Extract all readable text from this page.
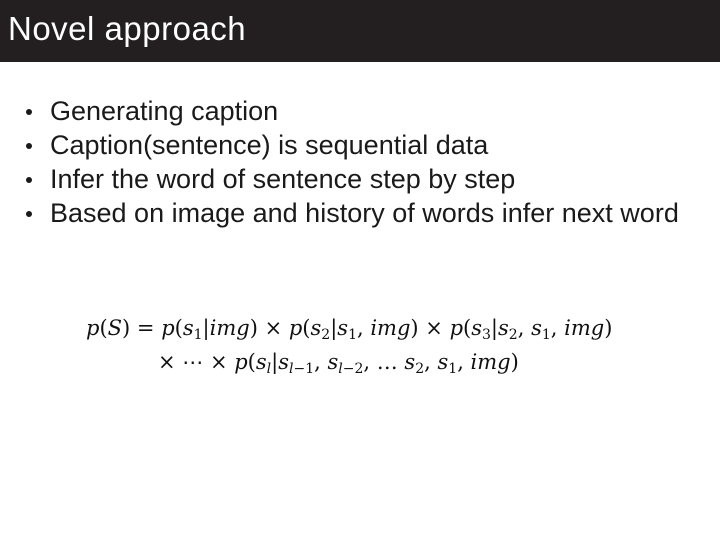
Novel approach
Generating caption
Caption(sentence) is sequential data
Infer the word of sentence step by step
Based on image and history of words infer next word
$p(S) = p(s_1|img) \times p(s_2|s_1$, $img) \times p(s_3|s_2$, $s_1$, img)
× ⋯ × $p(s_l|s_{l-1}$, $s_{l-2}$, … $s_2$, $s_1$, img)
